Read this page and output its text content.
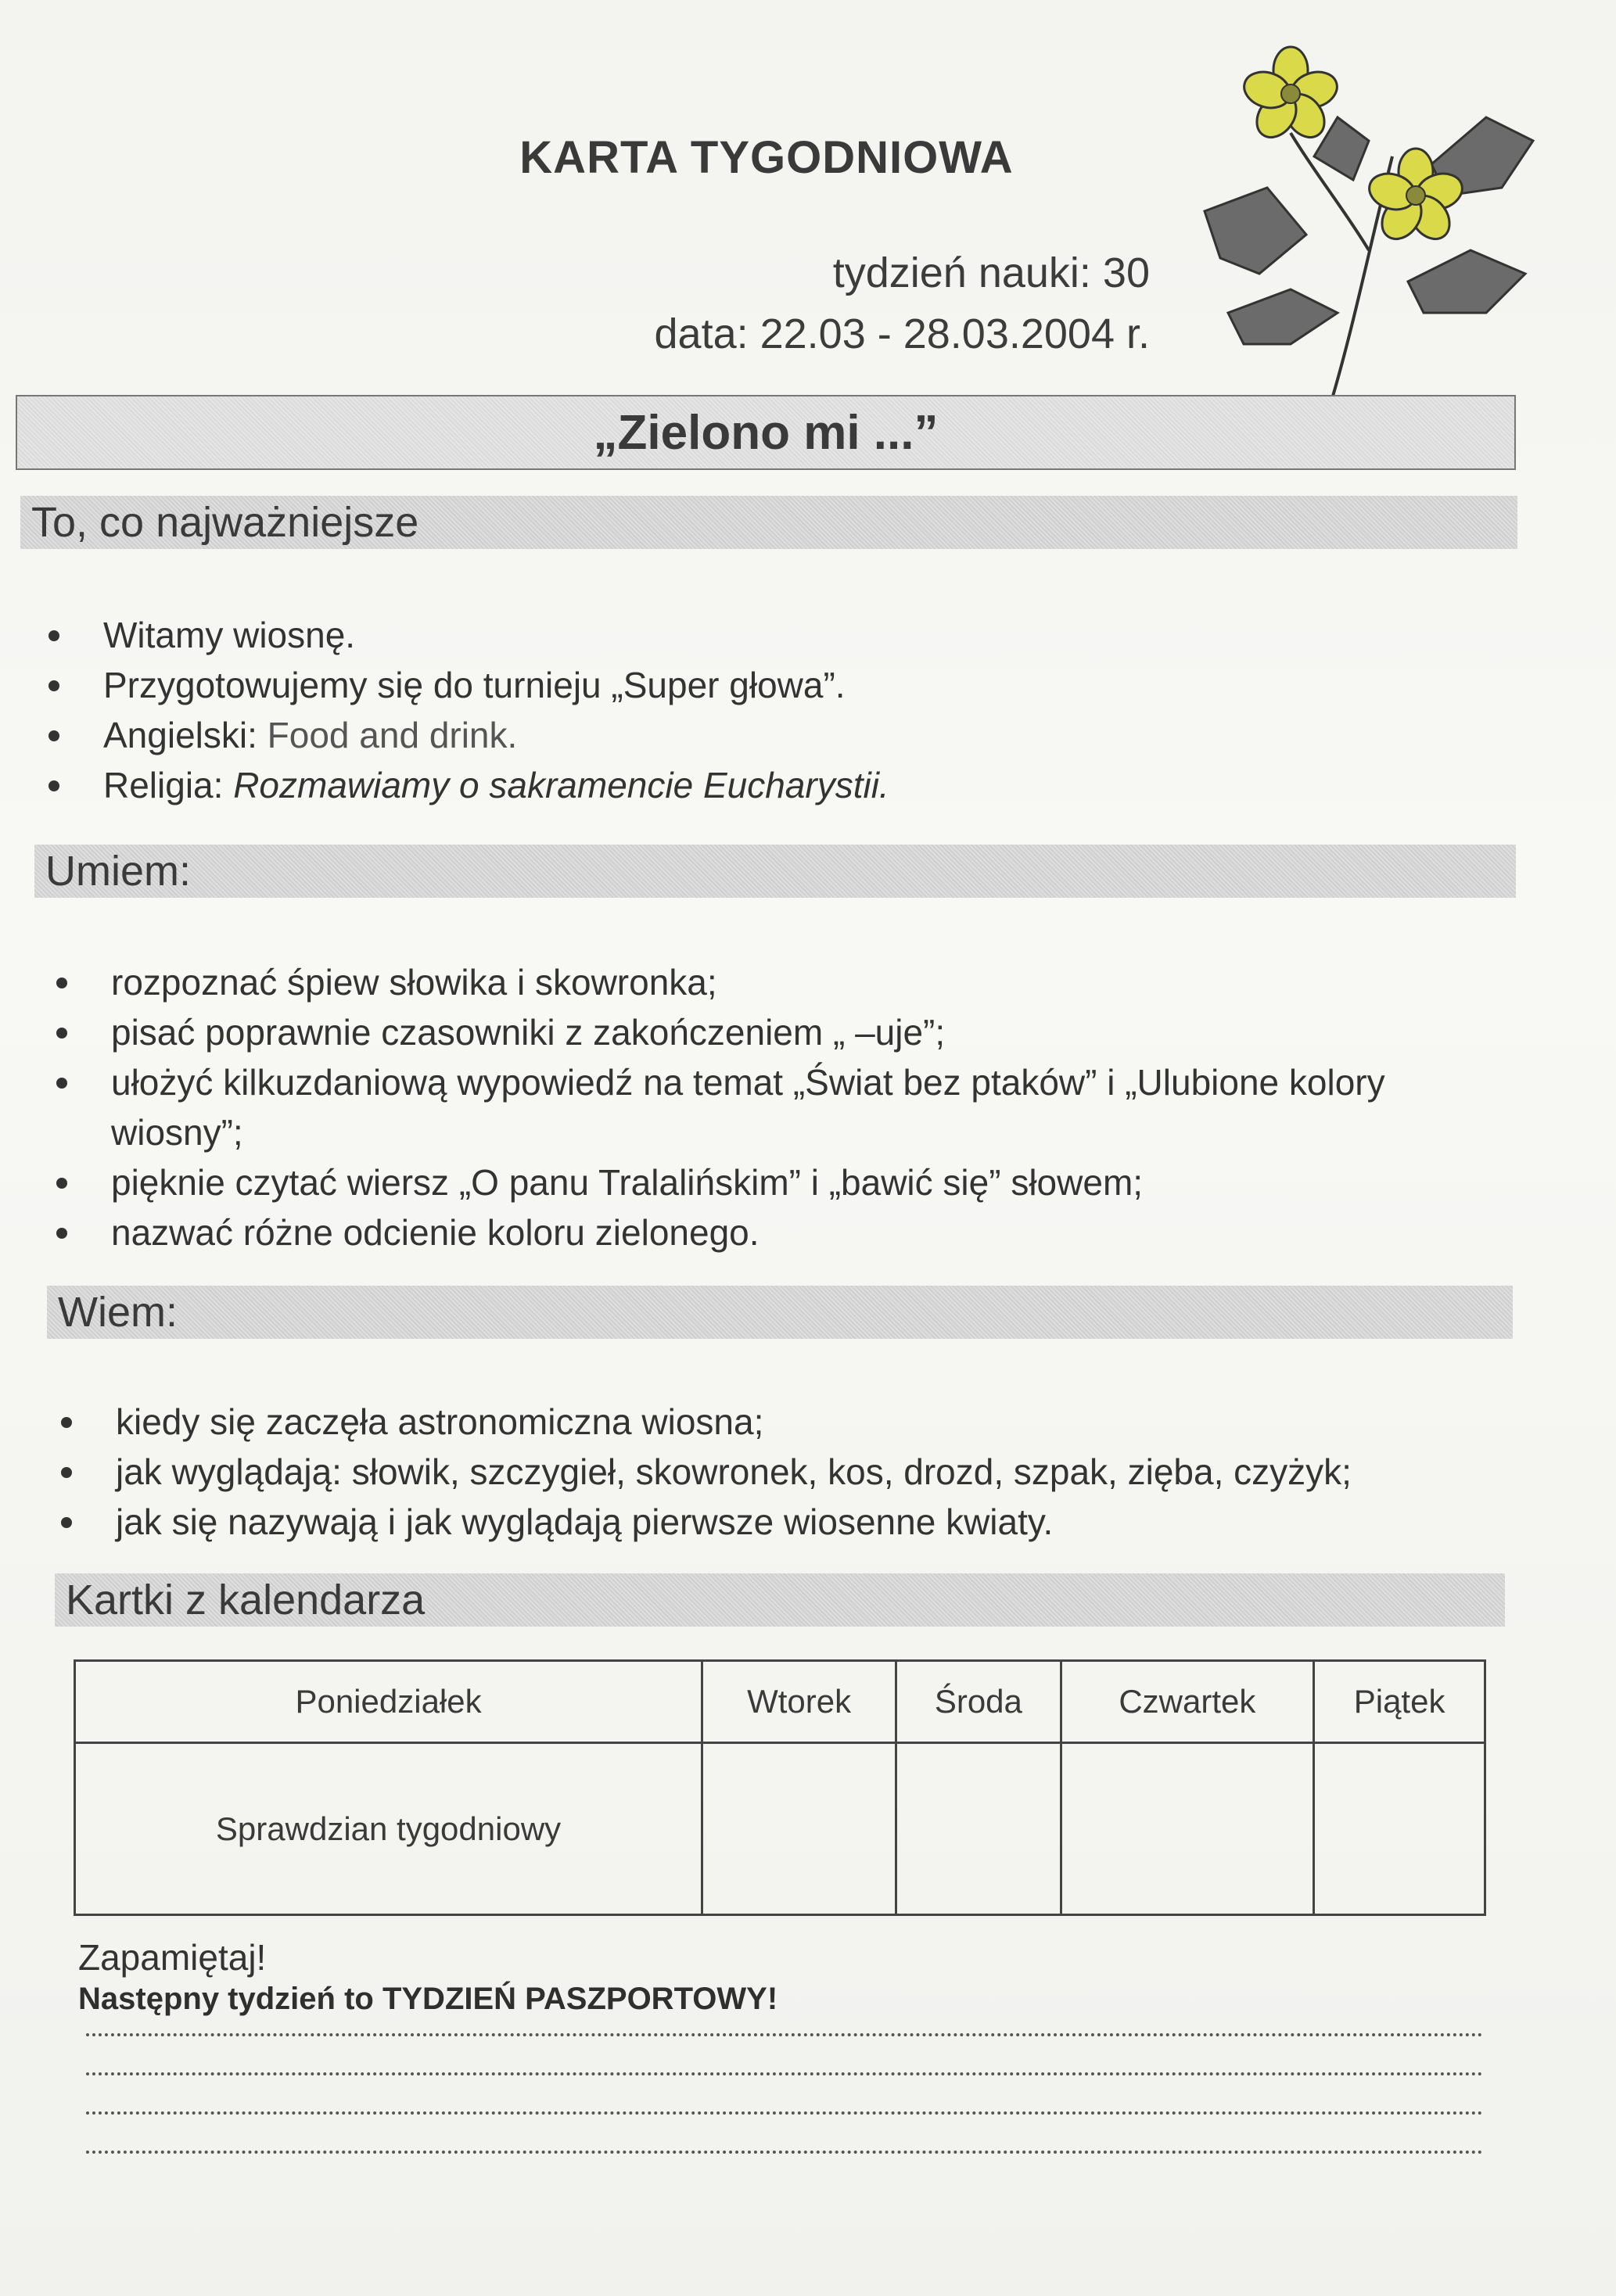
KARTA TYGODNIOWA
tydzień nauki: 30
data: 22.03 - 28.03.2004 r.
„Zielono mi ...”
To, co najważniejsze
Witamy wiosnę.
Przygotowujemy się do turnieju „Super głowa”.
Angielski: Food and drink.
Religia: Rozmawiamy o sakramencie Eucharystii.
Umiem:
rozpoznać śpiew słowika i skowronka;
pisać poprawnie czasowniki z zakończeniem „ –uje”;
ułożyć kilkuzdaniową wypowiedź na temat „Świat bez ptaków” i „Ulubione kolory wiosny”;
pięknie czytać wiersz „O panu Tralalińskim” i „bawić się” słowem;
nazwać różne odcienie koloru zielonego.
Wiem:
kiedy się zaczęła astronomiczna wiosna;
jak wyglądają: słowik, szczygieł, skowronek, kos, drozd, szpak, zięba, czyżyk;
jak się nazywają i jak wyglądają pierwsze wiosenne kwiaty.
Kartki z kalendarza
Poniedziałek	Wtorek	Środa	Czwartek	Piątek
Sprawdzian tygodniowy				
Zapamiętaj!
Następny tydzień to TYDZIEŃ PASZPORTOWY!
